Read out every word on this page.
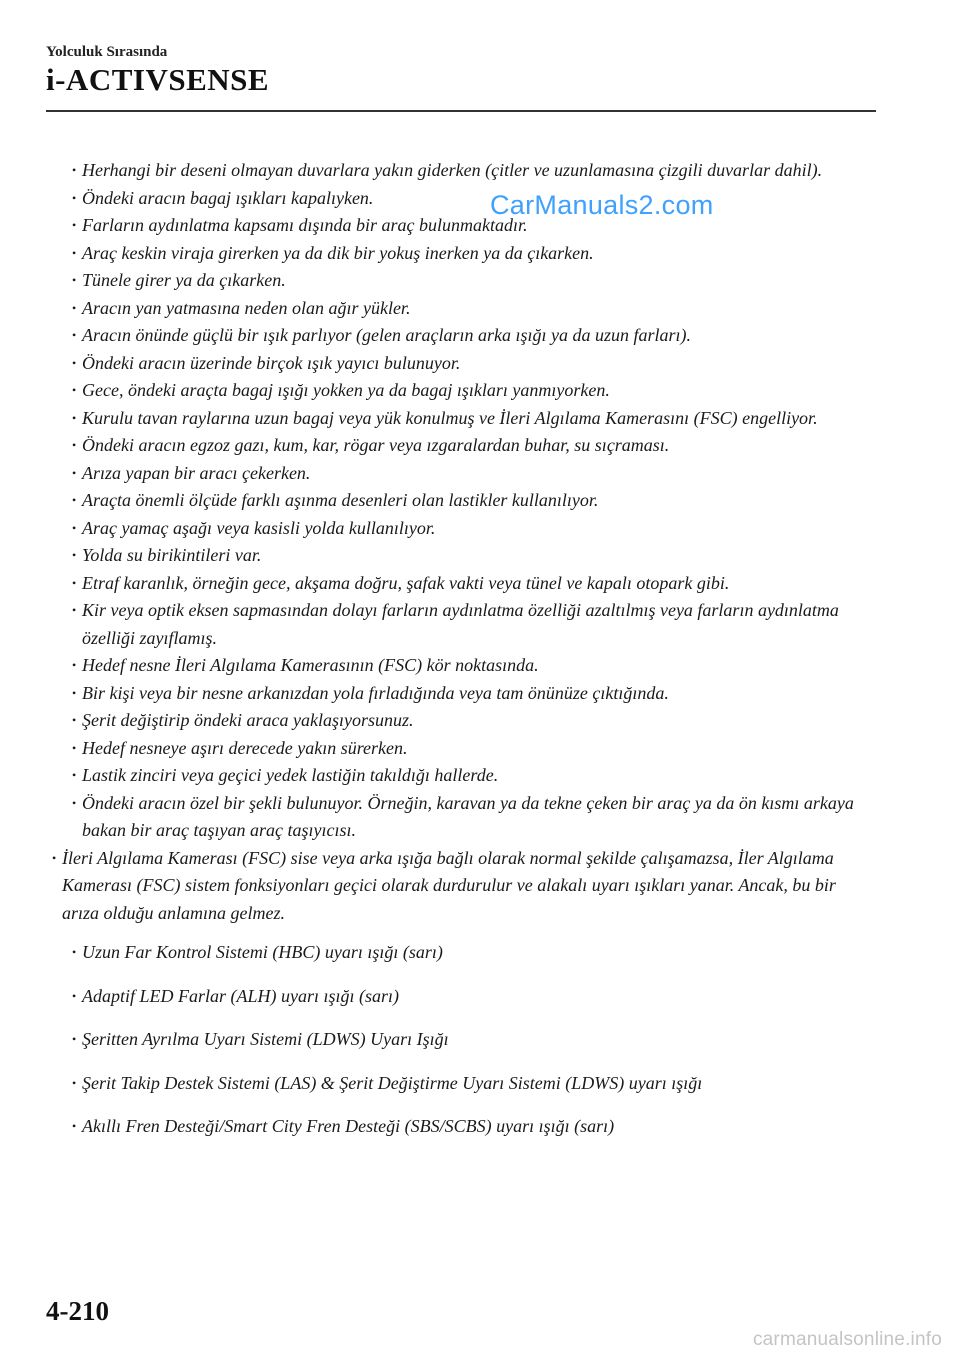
Yolculuk Sırasında
i-ACTIVSENSE
CarManuals2.com
• Herhangi bir deseni olmayan duvarlara yakın giderken (çitler ve uzunlamasına çizgili duvarlar dahil).
• Öndeki aracın bagaj ışıkları kapalıyken.
• Farların aydınlatma kapsamı dışında bir araç bulunmaktadır.
• Araç keskin viraja girerken ya da dik bir yokuş inerken ya da çıkarken.
• Tünele girer ya da çıkarken.
• Aracın yan yatmasına neden olan ağır yükler.
• Aracın önünde güçlü bir ışık parlıyor (gelen araçların arka ışığı ya da uzun farları).
• Öndeki aracın üzerinde birçok ışık yayıcı bulunuyor.
• Gece, öndeki araçta bagaj ışığı yokken ya da bagaj ışıkları yanmıyorken.
• Kurulu tavan raylarına uzun bagaj veya yük konulmuş ve İleri Algılama Kamerasını (FSC) engelliyor.
• Öndeki aracın egzoz gazı, kum, kar, rögar veya ızgaralardan buhar, su sıçraması.
• Arıza yapan bir aracı çekerken.
• Araçta önemli ölçüde farklı aşınma desenleri olan lastikler kullanılıyor.
• Araç yamaç aşağı veya kasisli yolda kullanılıyor.
• Yolda su birikintileri var.
• Etraf karanlık, örneğin gece, akşama doğru, şafak vakti veya tünel ve kapalı otopark gibi.
• Kir veya optik eksen sapmasından dolayı farların aydınlatma özelliği azaltılmış veya farların aydınlatma özelliği zayıflamış.
• Hedef nesne İleri Algılama Kamerasının (FSC) kör noktasında.
• Bir kişi veya bir nesne arkanızdan yola fırladığında veya tam önünüze çıktığında.
• Şerit değiştirip öndeki araca yaklaşıyorsunuz.
• Hedef nesneye aşırı derecede yakın sürerken.
• Lastik zinciri veya geçici yedek lastiğin takıldığı hallerde.
• Öndeki aracın özel bir şekli bulunuyor. Örneğin, karavan ya da tekne çeken bir araç ya da ön kısmı arkaya bakan bir araç taşıyan araç taşıyıcısı.
• İleri Algılama Kamerası (FSC) sise veya arka ışığa bağlı olarak normal şekilde çalışamazsa, İler Algılama Kamerası (FSC) sistem fonksiyonları geçici olarak durdurulur ve alakalı uyarı ışıkları yanar. Ancak, bu bir arıza olduğu anlamına gelmez.
• Uzun Far Kontrol Sistemi (HBC) uyarı ışığı (sarı)
• Adaptif LED Farlar (ALH) uyarı ışığı (sarı)
• Şeritten Ayrılma Uyarı Sistemi (LDWS) Uyarı Işığı
• Şerit Takip Destek Sistemi (LAS) & Şerit Değiştirme Uyarı Sistemi (LDWS) uyarı ışığı
• Akıllı Fren Desteği/Smart City Fren Desteği (SBS/SCBS) uyarı ışığı (sarı)
4-210
carmanualsonline.info
